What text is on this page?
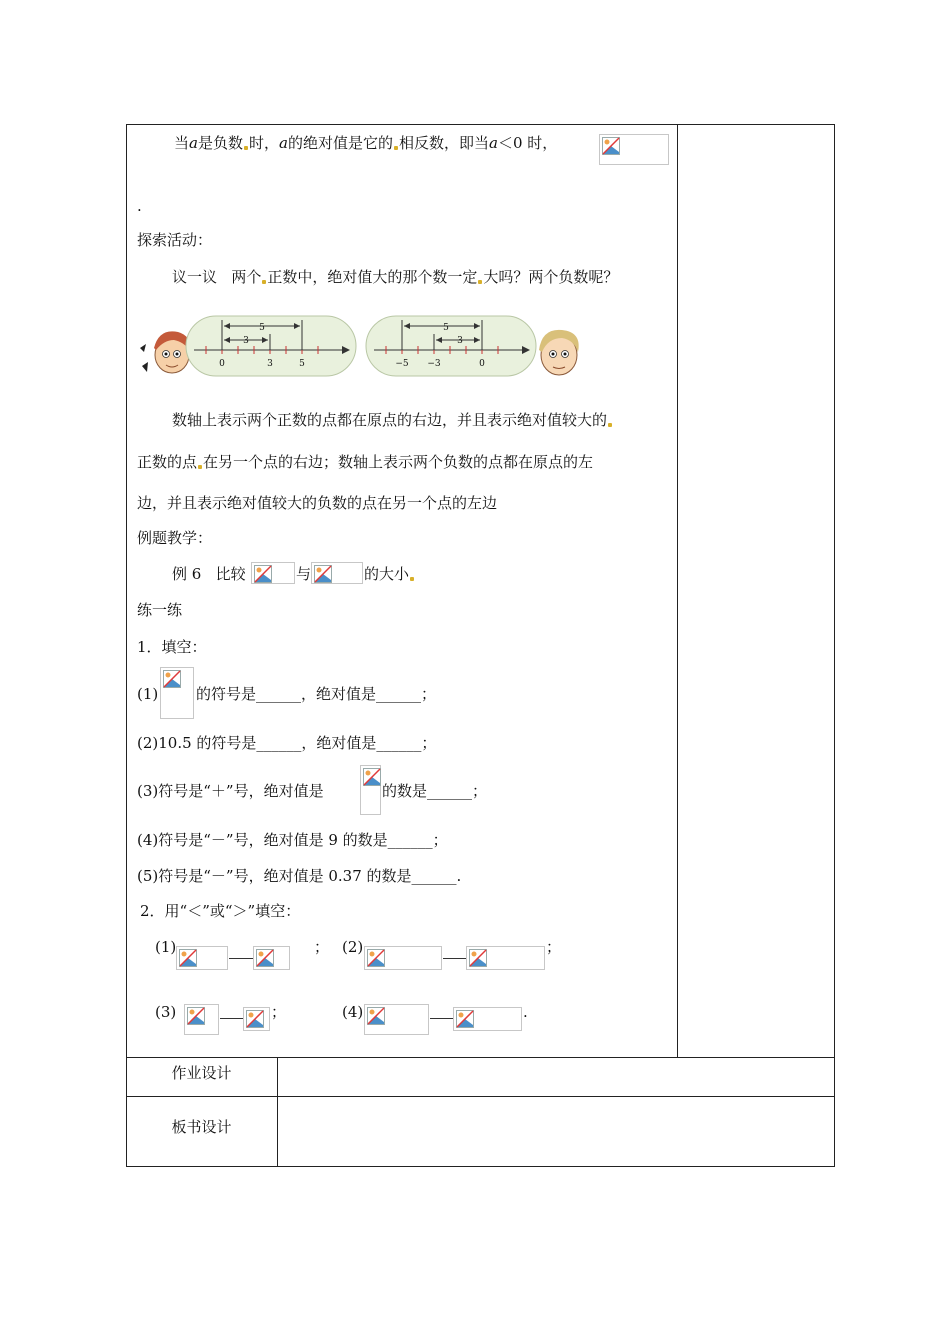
当a是负数 时，a的绝对值是它的 相反数，即当a＜0 时，
.
探索活动：
议一议 两个 正数中，绝对值大的那个数一定 大吗？两个负数呢？
5
3
0	3	5
5
3
−5 −3	0
数轴上表示两个正数的点都在原点的右边，并且表示绝对值较大的
正数的点 在另一个点的右边；数轴上表示两个负数的点都在原点的左
边，并且表示绝对值较大的负数的点在另一个点的左边
例题教学：
例 6 比较	与	的大小
练一练
1．填空：
(1)	的符号是______，绝对值是______；
(2)10.5 的符号是______，绝对值是______；
(3)符号是“＋”号，绝对值是	的数是______；
(4)符号是“－”号，绝对值是 9 的数是______；
(5)符号是“－”号，绝对值是 0.37 的数是______.
2．用“＜”或“＞”填空：
(1)	； (2)	；
(3)	；	(4)	.
作业设计
板书设计
